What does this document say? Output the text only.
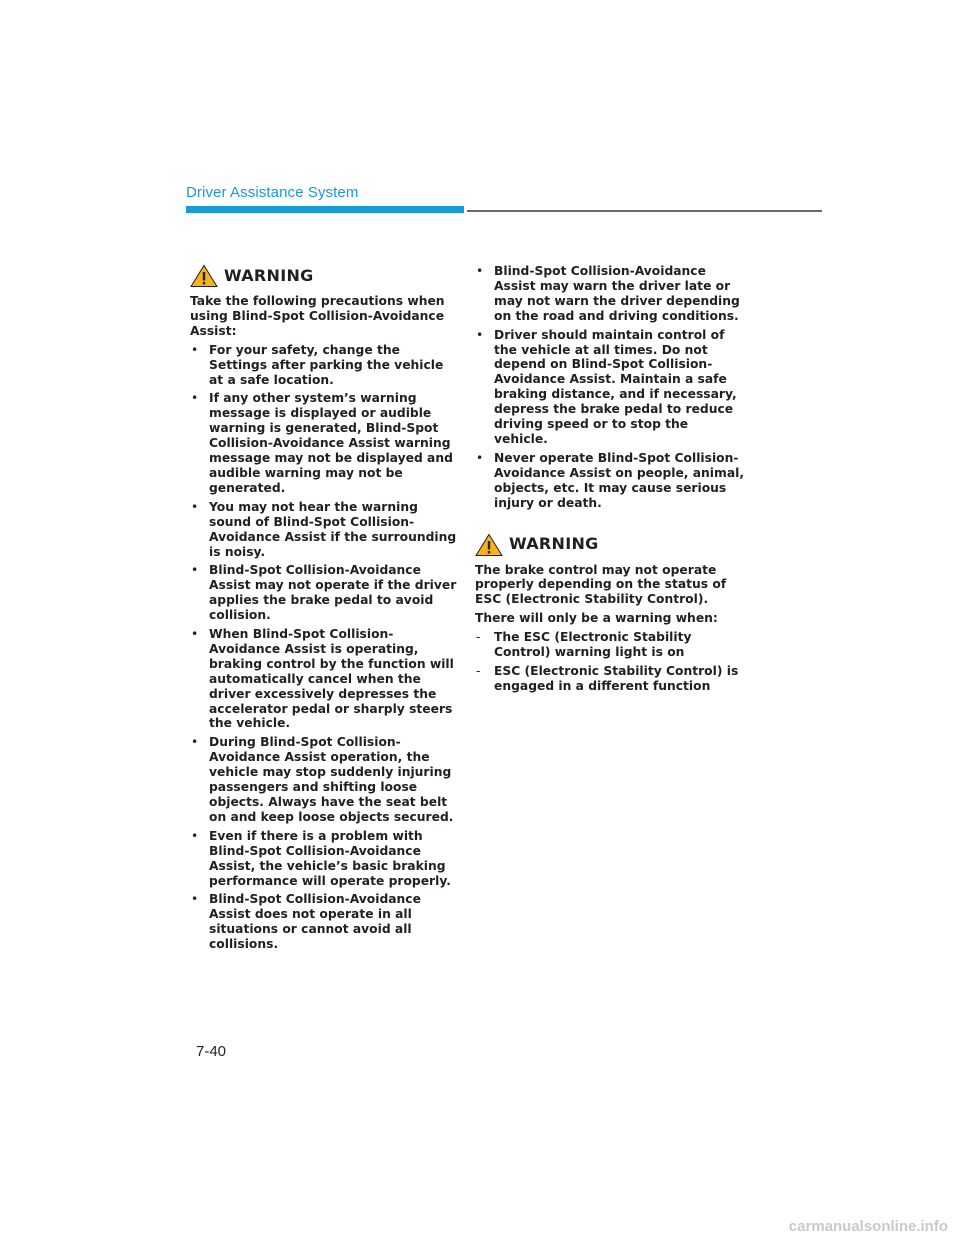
Driver Assistance System
WARNING

Take the following precautions when using Blind-Spot Collision-Avoidance Assist:

• For your safety, change the Settings after parking the vehicle at a safe location.
• If any other system’s warning message is displayed or audible warning is generated, Blind-Spot Collision-Avoidance Assist warning message may not be displayed and audible warning may not be generated.
• You may not hear the warning sound of Blind-Spot Collision-Avoidance Assist if the surrounding is noisy.
• Blind-Spot Collision-Avoidance Assist may not operate if the driver applies the brake pedal to avoid collision.
• When Blind-Spot Collision-Avoidance Assist is operating, braking control by the function will automatically cancel when the driver excessively depresses the accelerator pedal or sharply steers the vehicle.
• During Blind-Spot Collision-Avoidance Assist operation, the vehicle may stop suddenly injuring passengers and shifting loose objects. Always have the seat belt on and keep loose objects secured.
• Even if there is a problem with Blind-Spot Collision-Avoidance Assist, the vehicle’s basic braking performance will operate properly.
• Blind-Spot Collision-Avoidance Assist does not operate in all situations or cannot avoid all collisions.
• Blind-Spot Collision-Avoidance Assist may warn the driver late or may not warn the driver depending on the road and driving conditions.
• Driver should maintain control of the vehicle at all times. Do not depend on Blind-Spot Collision-Avoidance Assist. Maintain a safe braking distance, and if necessary, depress the brake pedal to reduce driving speed or to stop the vehicle.
• Never operate Blind-Spot Collision-Avoidance Assist on people, animal, objects, etc. It may cause serious injury or death.
WARNING

The brake control may not operate properly depending on the status of ESC (Electronic Stability Control).

There will only be a warning when:

- The ESC (Electronic Stability Control) warning light is on
- ESC (Electronic Stability Control) is engaged in a different function
7-40
carmanualsonline.info
